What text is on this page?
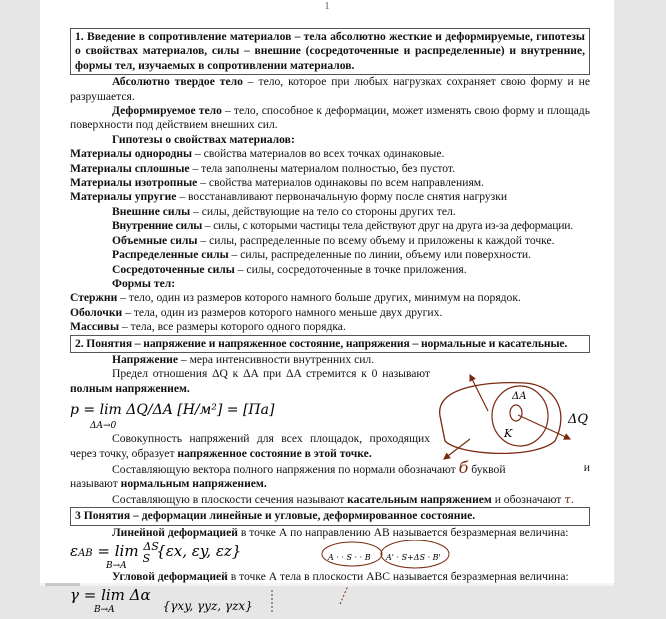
1
1. Введение в сопротивление материалов – тела абсолютно жесткие и деформируемые, гипотезы о свойствах материалов, силы – внешние (сосредоточенные и распределенные) и внутренние, формы тел, изучаемых в сопротивлении материалов.

Абсолютно твердое тело – тело, которое при любых нагрузках сохраняет свою форму и не разрушается.

Деформируемое тело – тело, способное к деформации, может изменять свою форму и площадь поверхности под действием внешних сил.

Гипотезы о свойствах материалов:

Материалы однородны – свойства материалов во всех точках одинаковые.

Материалы сплошные – тела заполнены материалом полностью, без пустот.

Материалы изотропные – свойства материалов одинаковы по всем направлениям.

Материалы упругие – восстанавливают первоначальную форму после снятия нагрузки

Внешние силы – силы, действующие на тело со стороны других тел.

Внутренние силы – силы, с которыми частицы тела действуют друг на друга из-за деформации.

Объемные силы – силы, распределенные по всему объему и приложены к каждой точке.

Распределенные силы – силы, распределенные по линии, объему или поверхности.

Сосредоточенные силы – силы, сосредоточенные в точке приложения.

Формы тел:

Стержни – тело, один из размеров которого намного больше других, минимум на порядок.

Оболочки – тела, один из размеров которого намного меньше двух других.

Массивы – тела, все размеры которого одного порядка.

2. Понятия – напряжение и напряженное состояние, напряжения – нормальные и касательные.

Напряжение – мера интенсивности внутренних сил.

Предел отношения ΔQ к ΔA при ΔA стремится к 0 называют полным напряжением.

p = lim ΔQ/ΔA [H/м²] = [Па]
ΔA→0

Совокупность напряжений для всех площадок, проходящих через точку, образует напряженное состояние в этой точке.

Составляющую вектора полного напряжения по нормали обозначают б буквой	и

называют нормальным напряжением.

Составляющую в плоскости сечения называют касательным напряжением и обозначают τ.

ΔA
ΔQ
K
3 Понятия – деформации линейные и угловые, деформированное состояние.

Линейной деформацией в точке А по направлению АВ называется безразмерная величина:

εAB = lim $^{\Delta S}$ S {εx, εy, εz}
B→A
A · · S · · B A' · S+ΔS · B'

Угловой деформацией в точке А тела в плоскости АВС называется безразмерная величина:

$\gamma = \lim \Delta\alpha_{\{\gamma xy, \gamma yz, \gamma zx\}}$
B→A
